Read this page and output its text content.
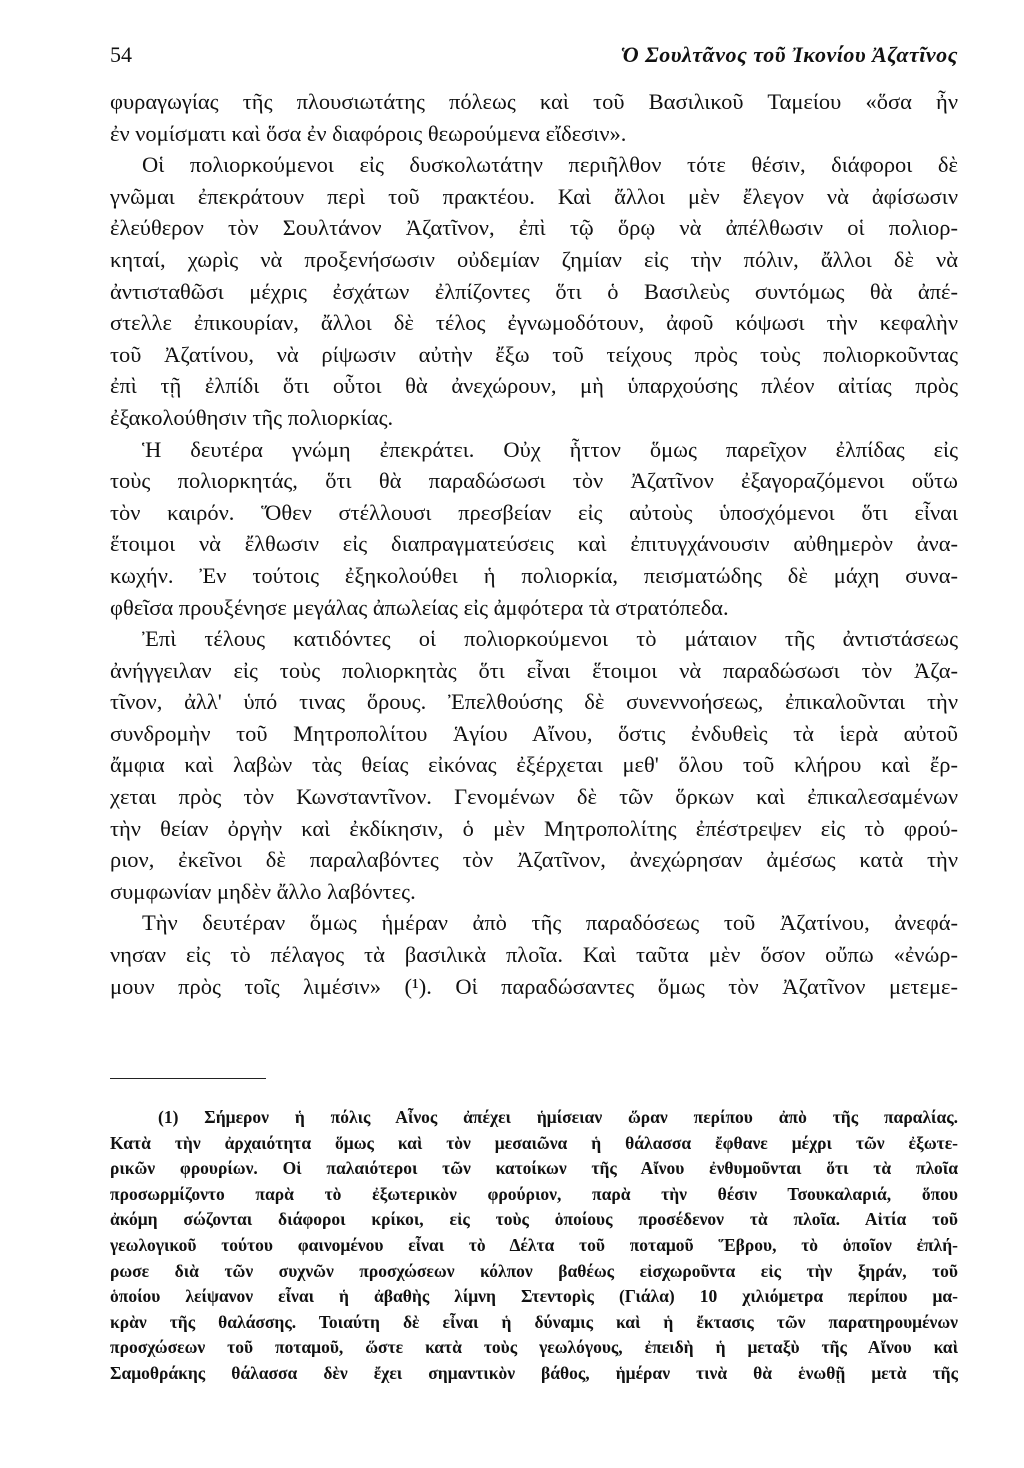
54	Ὁ Σουλτᾶνος τοῦ Ἰκονίου Ἀζατῖνος
φυραγωγίας τῆς πλουσιωτάτης πόλεως καὶ τοῦ Βασιλικοῦ Ταμείου «ὅσα ἦν
ἐν νομίσματι καὶ ὅσα ἐν διαφόροις θεωρούμενα εἴδεσιν».
Οἱ πολιορκούμενοι εἰς δυσκολωτάτην περιῆλθον τότε θέσιν, διάφοροι δὲ
γνῶμαι ἐπεκράτουν περὶ τοῦ πρακτέου. Καὶ ἄλλοι μὲν ἔλεγον νὰ ἀφίσωσιν
ἐλεύθερον τὸν Σουλτάνον Ἀζατῖνον, ἐπὶ τῷ ὅρῳ νὰ ἀπέλθωσιν οἱ πολιορ-
κηταί, χωρὶς νὰ προξενήσωσιν οὐδεμίαν ζημίαν εἰς τὴν πόλιν, ἄλλοι δὲ νὰ
ἀντισταθῶσι μέχρις ἐσχάτων ἐλπίζοντες ὅτι ὁ Βασιλεὺς συντόμως θὰ ἀπέ-
στελλε ἐπικουρίαν, ἄλλοι δὲ τέλος ἐγνωμοδότουν, ἀφοῦ κόψωσι τὴν κεφαλὴν
τοῦ Ἀζατίνου, νὰ ρίψωσιν αὐτὴν ἔξω τοῦ τείχους πρὸς τοὺς πολιορκοῦντας
ἐπὶ τῇ ἐλπίδι ὅτι οὗτοι θὰ ἀνεχώρουν, μὴ ὑπαρχούσης πλέον αἰτίας πρὸς
ἐξακολούθησιν τῆς πολιορκίας.
Ἡ δευτέρα γνώμη ἐπεκράτει. Οὐχ ἧττον ὅμως παρεῖχον ἐλπίδας εἰς
τοὺς πολιορκητάς, ὅτι θὰ παραδώσωσι τὸν Ἀζατῖνον ἐξαγοραζόμενοι οὕτω
τὸν καιρόν. Ὅθεν στέλλουσι πρεσβείαν εἰς αὐτοὺς ὑποσχόμενοι ὅτι εἶναι
ἕτοιμοι νὰ ἔλθωσιν εἰς διαπραγματεύσεις καὶ ἐπιτυγχάνουσιν αὐθημερὸν ἀνα-
κωχήν. Ἐν τούτοις ἐξηκολούθει ἡ πολιορκία, πεισματώδης δὲ μάχη συνα-
φθεῖσα προυξένησε μεγάλας ἀπωλείας εἰς ἀμφότερα τὰ στρατόπεδα.
Ἐπὶ τέλους κατιδόντες οἱ πολιορκούμενοι τὸ μάταιον τῆς ἀντιστάσεως
ἀνήγγειλαν εἰς τοὺς πολιορκητὰς ὅτι εἶναι ἕτοιμοι νὰ παραδώσωσι τὸν Ἀζα-
τῖνον, ἀλλ' ὑπό τινας ὅρους. Ἐπελθούσης δὲ συνεννοήσεως, ἐπικαλοῦνται τὴν
συνδρομὴν τοῦ Μητροπολίτου Ἁγίου Αἴνου, ὅστις ἐνδυθεὶς τὰ ἱερὰ αὐτοῦ
ἄμφια καὶ λαβὼν τὰς θείας εἰκόνας ἐξέρχεται μεθ' ὅλου τοῦ κλήρου καὶ ἔρ-
χεται πρὸς τὸν Κωνσταντῖνον. Γενομένων δὲ τῶν ὅρκων καὶ ἐπικαλεσαμένων
τὴν θείαν ὀργὴν καὶ ἐκδίκησιν, ὁ μὲν Μητροπολίτης ἐπέστρεψεν εἰς τὸ φρού-
ριον, ἐκεῖνοι δὲ παραλαβόντες τὸν Ἀζατῖνον, ἀνεχώρησαν ἀμέσως κατὰ τὴν
συμφωνίαν μηδὲν ἄλλο λαβόντες.
Τὴν δευτέραν ὅμως ἡμέραν ἀπὸ τῆς παραδόσεως τοῦ Ἀζατίνου, ἀνεφά-
νησαν εἰς τὸ πέλαγος τὰ βασιλικὰ πλοῖα. Καὶ ταῦτα μὲν ὅσον οὔπω «ἐνώρ-
μουν πρὸς τοῖς λιμέσιν» (¹). Οἱ παραδώσαντες ὅμως τὸν Ἀζατῖνον μετεμε-
(1) Σήμερον ἡ πόλις Αἶνος ἀπέχει ἡμίσειαν ὥραν περίπου ἀπὸ τῆς παραλίας.
Κατὰ τὴν ἀρχαιότητα ὅμως καὶ τὸν μεσαιῶνα ἡ θάλασσα ἔφθανε μέχρι τῶν ἐξωτε-
ρικῶν φρουρίων. Οἱ παλαιότεροι τῶν κατοίκων τῆς Αἴνου ἐνθυμοῦνται ὅτι τὰ πλοῖα
προσωρμίζοντο παρὰ τὸ ἐξωτερικὸν φρούριον, παρὰ τὴν θέσιν Τσουκαλαριά, ὅπου
ἀκόμη σώζονται διάφοροι κρίκοι, εἰς τοὺς ὁποίους προσέδενον τὰ πλοῖα. Αἰτία τοῦ
γεωλογικοῦ τούτου φαινομένου εἶναι τὸ Δέλτα τοῦ ποταμοῦ Ἕβρου, τὸ ὁποῖον ἐπλή-
ρωσε διὰ τῶν συχνῶν προσχώσεων κόλπον βαθέως εἰσχωροῦντα εἰς τὴν ξηράν, τοῦ
ὁποίου λείψανον εἶναι ἡ ἀβαθὴς λίμνη Στεντορὶς (Γιάλα) 10 χιλιόμετρα περίπου μα-
κρὰν τῆς θαλάσσης. Τοιαύτη δὲ εἶναι ἡ δύναμις καὶ ἡ ἔκτασις τῶν παρατηρουμένων
προσχώσεων τοῦ ποταμοῦ, ὥστε κατὰ τοὺς γεωλόγους, ἐπειδὴ ἡ μεταξὺ τῆς Αἴνου καὶ
Σαμοθράκης θάλασσα δὲν ἔχει σημαντικὸν βάθος, ἡμέραν τινὰ θὰ ἑνωθῇ μετὰ τῆς
